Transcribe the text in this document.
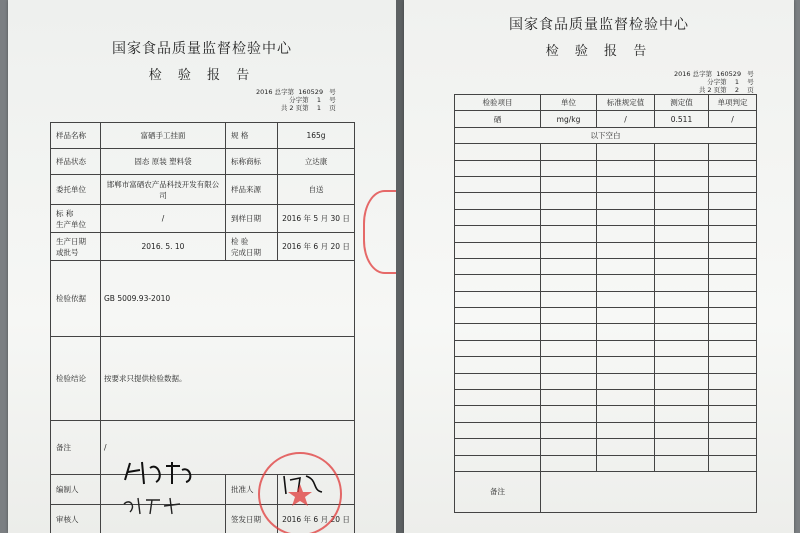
国家食品质量监督检验中心
检 验 报 告
2016 总字第 160529 号
分字第 1 号
共 2 页第 1 页
样品名称	富硒手工挂面	规 格	165g
样品状态	固态 原装 塑料袋	标称商标	立达康
委托单位	邯郸市富硒农产品科技开发有限公司	样品来源	自送
标 称
生产单位	/	到样日期	2016 年 5 月 30 日
生产日期
或批号	2016. 5. 10	检 验
完成日期	2016 年 6 月 20 日
检验依据	GB 5009.93-2010		
检验结论	按要求只提供检验数据。		
备注	/		
编制人		批准人	
审核人		签发日期	2016 年 6 月 20 日
国家食品质量监督检验中心
检 验 报 告
2016 总字第 160529 号
分字第 1 号
共 2 页第 2 页
检验项目	单位	标准规定值	测定值	单项判定
硒	mg/kg	/	0.511	/
以下空白				

备注				
